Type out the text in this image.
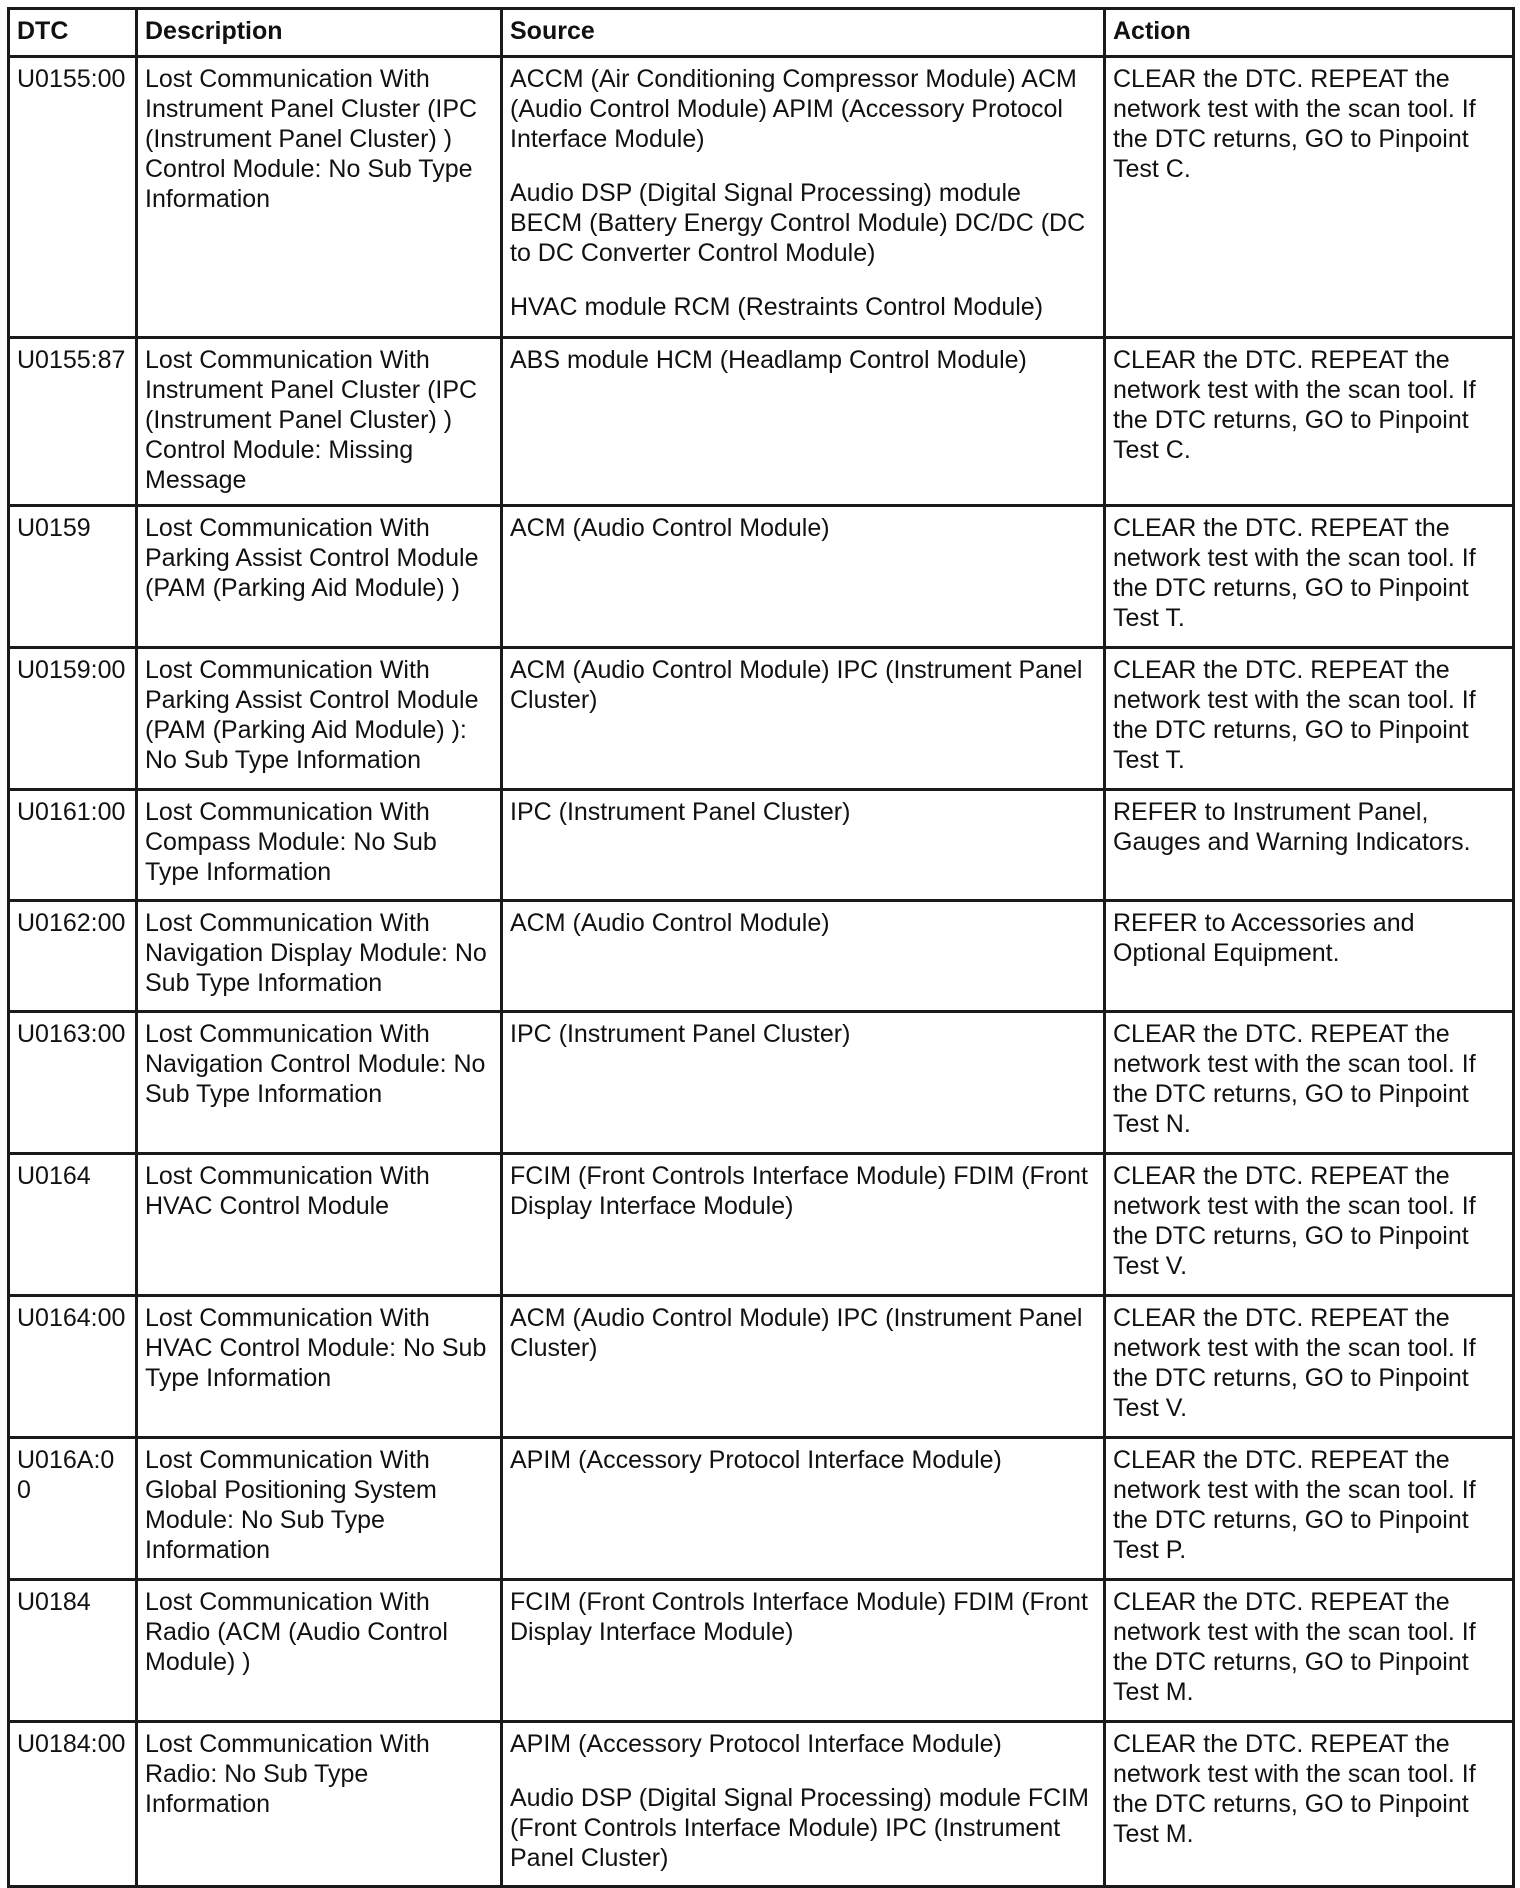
DTC	Description	Source	Action
U0155:00	Lost Communication With Instrument Panel Cluster (IPC (Instrument Panel Cluster) ) Control Module: No Sub Type Information	ACCM (Air Conditioning Compressor Module) ACM (Audio Control Module) APIM (Accessory Protocol Interface Module)
Audio DSP (Digital Signal Processing) module BECM (Battery Energy Control Module) DC/DC (DC to DC Converter Control Module)
HVAC module RCM (Restraints Control Module)	CLEAR the DTC. REPEAT the network test with the scan tool. If the DTC returns, GO to Pinpoint Test C.
U0155:87	Lost Communication With Instrument Panel Cluster (IPC (Instrument Panel Cluster) ) Control Module: Missing Message	ABS module HCM (Headlamp Control Module)	CLEAR the DTC. REPEAT the network test with the scan tool. If the DTC returns, GO to Pinpoint Test C.
U0159	Lost Communication With Parking Assist Control Module (PAM (Parking Aid Module) )	ACM (Audio Control Module)	CLEAR the DTC. REPEAT the network test with the scan tool. If the DTC returns, GO to Pinpoint Test T.
U0159:00	Lost Communication With Parking Assist Control Module (PAM (Parking Aid Module) ): No Sub Type Information	ACM (Audio Control Module) IPC (Instrument Panel Cluster)	CLEAR the DTC. REPEAT the network test with the scan tool. If the DTC returns, GO to Pinpoint Test T.
U0161:00	Lost Communication With Compass Module: No Sub Type Information	IPC (Instrument Panel Cluster)	REFER to Instrument Panel, Gauges and Warning Indicators.
U0162:00	Lost Communication With Navigation Display Module: No Sub Type Information	ACM (Audio Control Module)	REFER to Accessories and Optional Equipment.
U0163:00	Lost Communication With Navigation Control Module: No Sub Type Information	IPC (Instrument Panel Cluster)	CLEAR the DTC. REPEAT the network test with the scan tool. If the DTC returns, GO to Pinpoint Test N.
U0164	Lost Communication With HVAC Control Module	FCIM (Front Controls Interface Module) FDIM (Front Display Interface Module)	CLEAR the DTC. REPEAT the network test with the scan tool. If the DTC returns, GO to Pinpoint Test V.
U0164:00	Lost Communication With HVAC Control Module: No Sub Type Information	ACM (Audio Control Module) IPC (Instrument Panel Cluster)	CLEAR the DTC. REPEAT the network test with the scan tool. If the DTC returns, GO to Pinpoint Test V.
U016A:00	Lost Communication With Global Positioning System Module: No Sub Type Information	APIM (Accessory Protocol Interface Module)	CLEAR the DTC. REPEAT the network test with the scan tool. If the DTC returns, GO to Pinpoint Test P.
U0184	Lost Communication With Radio (ACM (Audio Control Module) )	FCIM (Front Controls Interface Module) FDIM (Front Display Interface Module)	CLEAR the DTC. REPEAT the network test with the scan tool. If the DTC returns, GO to Pinpoint Test M.
U0184:00	Lost Communication With Radio: No Sub Type Information	APIM (Accessory Protocol Interface Module)
Audio DSP (Digital Signal Processing) module FCIM (Front Controls Interface Module) IPC (Instrument Panel Cluster)	CLEAR the DTC. REPEAT the network test with the scan tool. If the DTC returns, GO to Pinpoint Test M.
